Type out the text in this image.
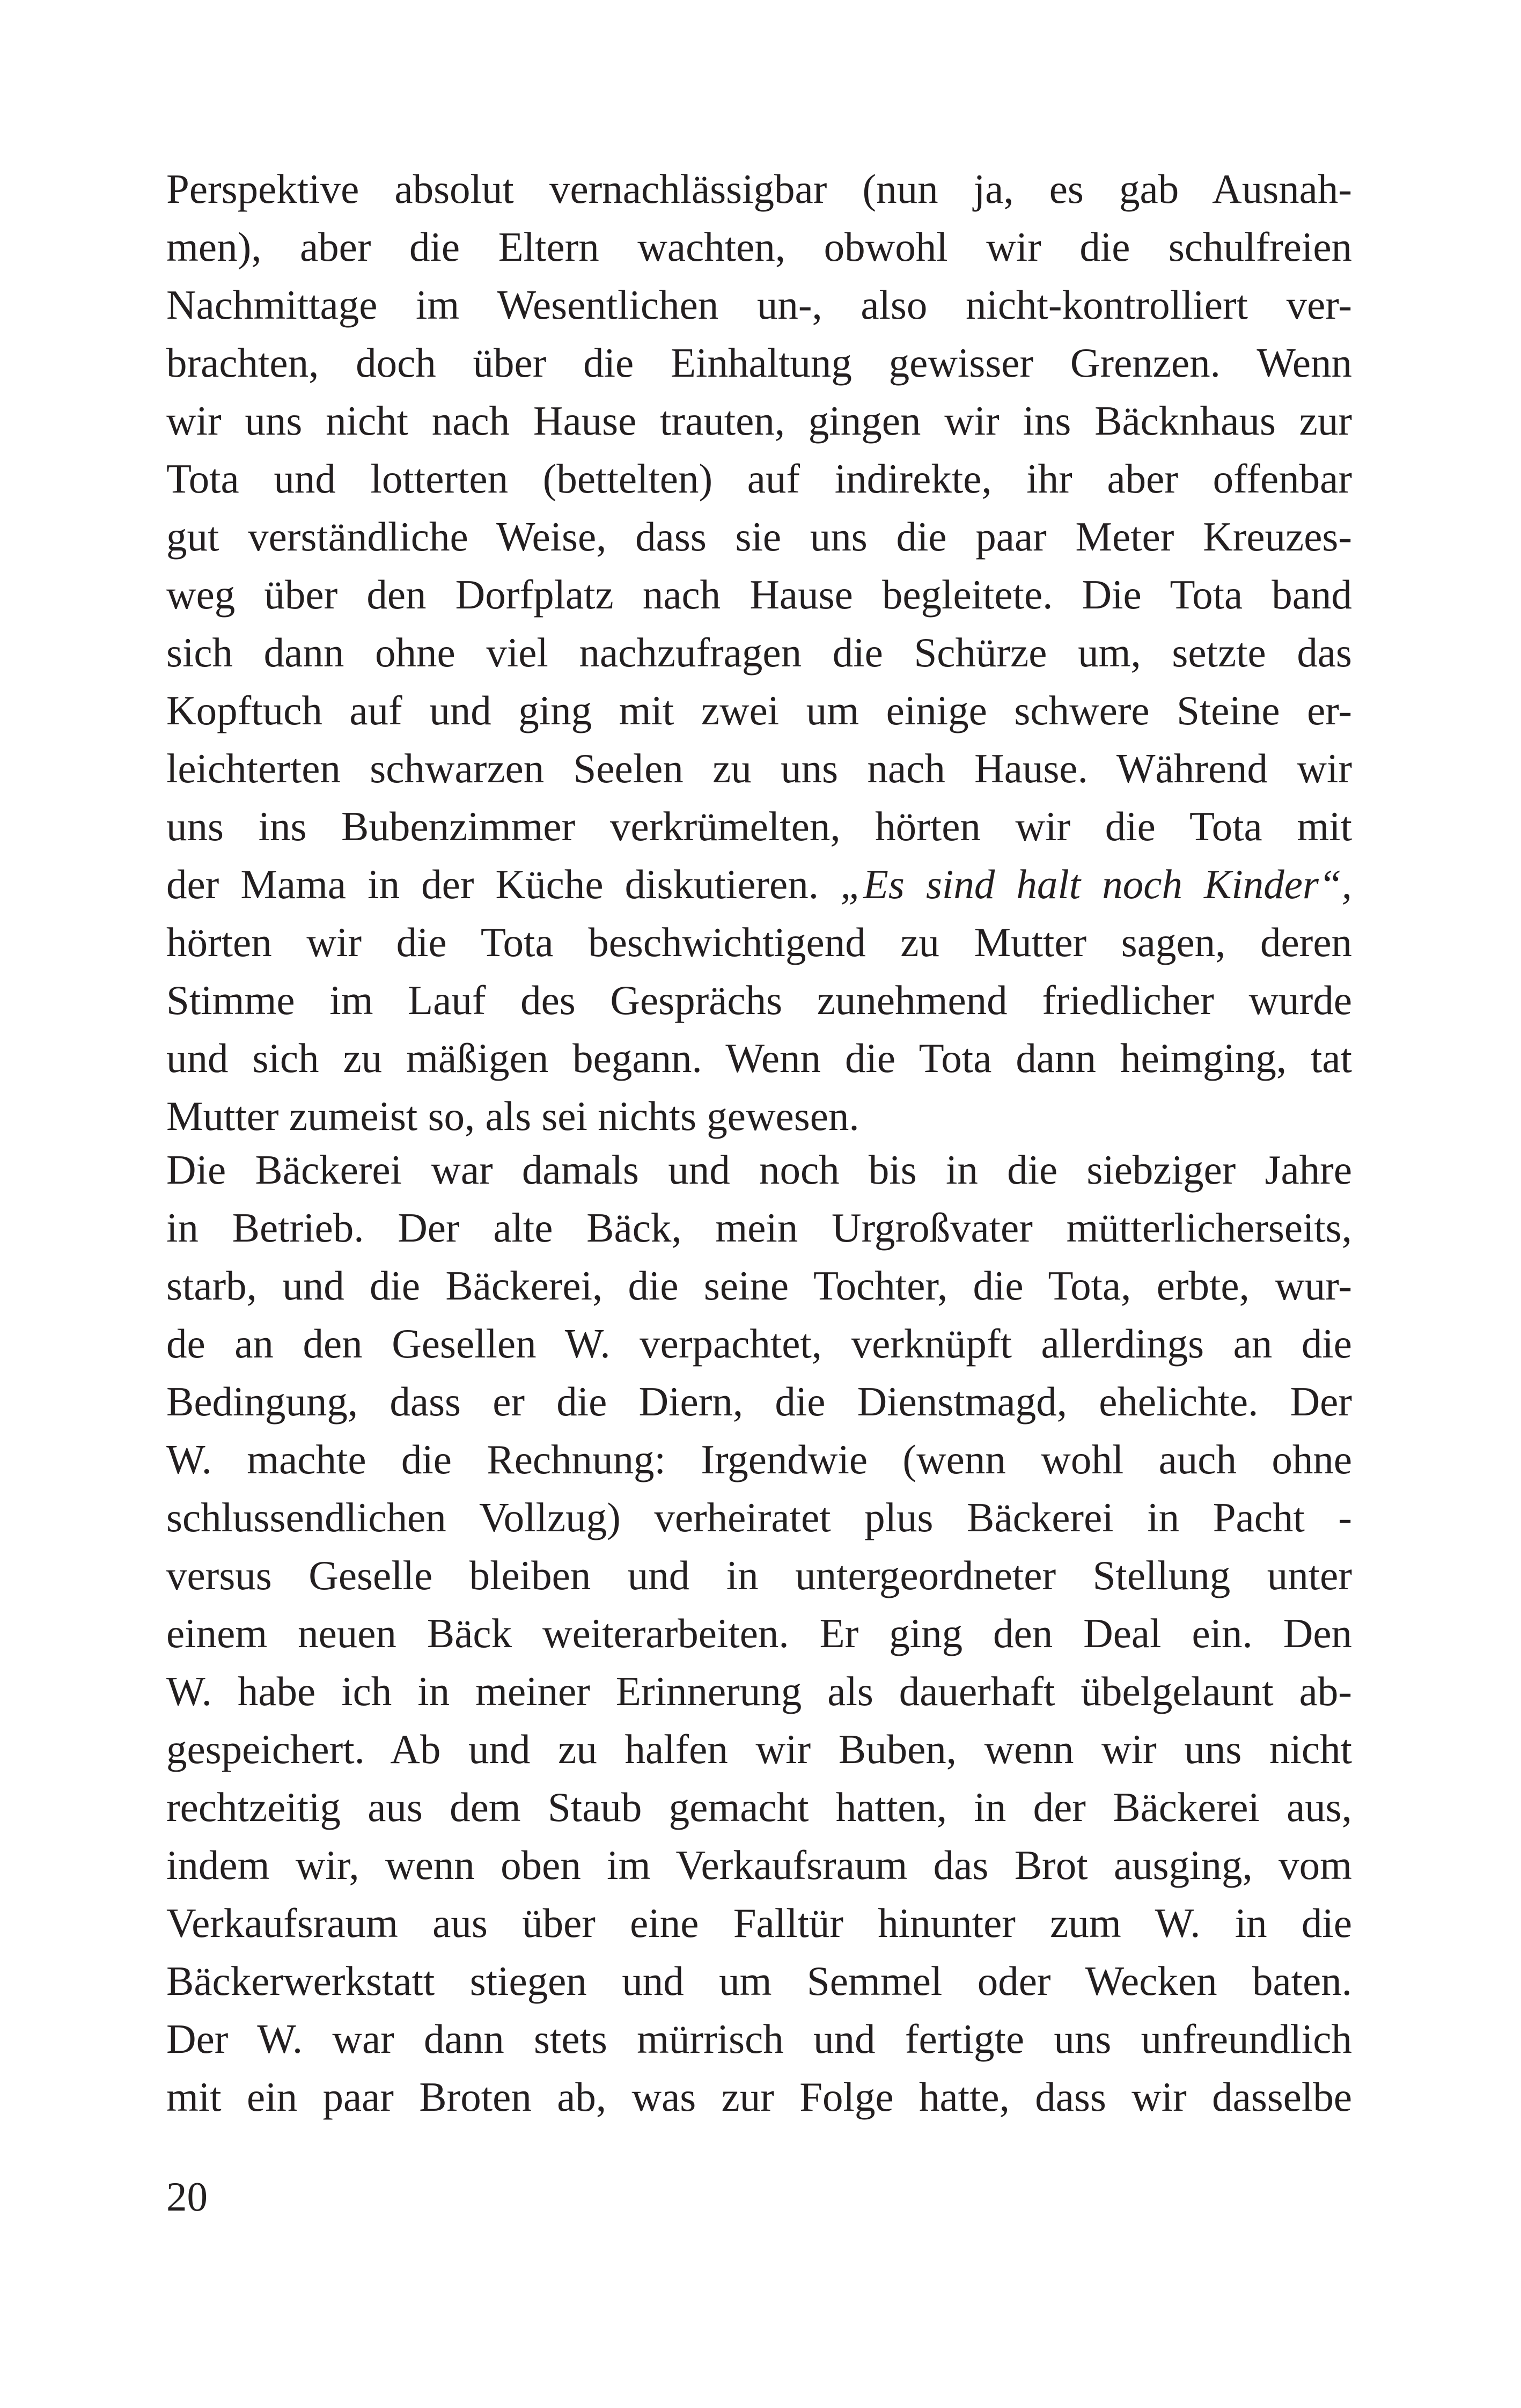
Perspektive absolut vernachlässigbar (nun ja, es gab Ausnah-
men), aber die Eltern wachten, obwohl wir die schulfreien
Nachmittage im Wesentlichen un-, also nicht-kontrolliert ver-
brachten, doch über die Einhaltung gewisser Grenzen. Wenn
wir uns nicht nach Hause trauten, gingen wir ins Bäcknhaus zur
Tota und lotterten (bettelten) auf indirekte, ihr aber offenbar
gut verständliche Weise, dass sie uns die paar Meter Kreuzes-
weg über den Dorfplatz nach Hause begleitete. Die Tota band
sich dann ohne viel nachzufragen die Schürze um, setzte das
Kopftuch auf und ging mit zwei um einige schwere Steine er-
leichterten schwarzen Seelen zu uns nach Hause. Während wir
uns ins Bubenzimmer verkrümelten, hörten wir die Tota mit
der Mama in der Küche diskutieren. „Es sind halt noch Kinder“,
hörten wir die Tota beschwichtigend zu Mutter sagen, deren
Stimme im Lauf des Gesprächs zunehmend friedlicher wurde
und sich zu mäßigen begann. Wenn die Tota dann heimging, tat
Mutter zumeist so, als sei nichts gewesen.
Die Bäckerei war damals und noch bis in die siebziger Jahre
in Betrieb. Der alte Bäck, mein Urgroßvater mütterlicherseits,
starb, und die Bäckerei, die seine Tochter, die Tota, erbte, wur-
de an den Gesellen W. verpachtet, verknüpft allerdings an die
Bedingung, dass er die Diern, die Dienstmagd, ehelichte. Der
W. machte die Rechnung: Irgendwie (wenn wohl auch ohne
schlussendlichen Vollzug) verheiratet plus Bäckerei in Pacht -
versus Geselle bleiben und in untergeordneter Stellung unter
einem neuen Bäck weiterarbeiten. Er ging den Deal ein. Den
W. habe ich in meiner Erinnerung als dauerhaft übelgelaunt ab-
gespeichert. Ab und zu halfen wir Buben, wenn wir uns nicht
rechtzeitig aus dem Staub gemacht hatten, in der Bäckerei aus,
indem wir, wenn oben im Verkaufsraum das Brot ausging, vom
Verkaufsraum aus über eine Falltür hinunter zum W. in die
Bäckerwerkstatt stiegen und um Semmel oder Wecken baten.
Der W. war dann stets mürrisch und fertigte uns unfreundlich
mit ein paar Broten ab, was zur Folge hatte, dass wir dasselbe
20
